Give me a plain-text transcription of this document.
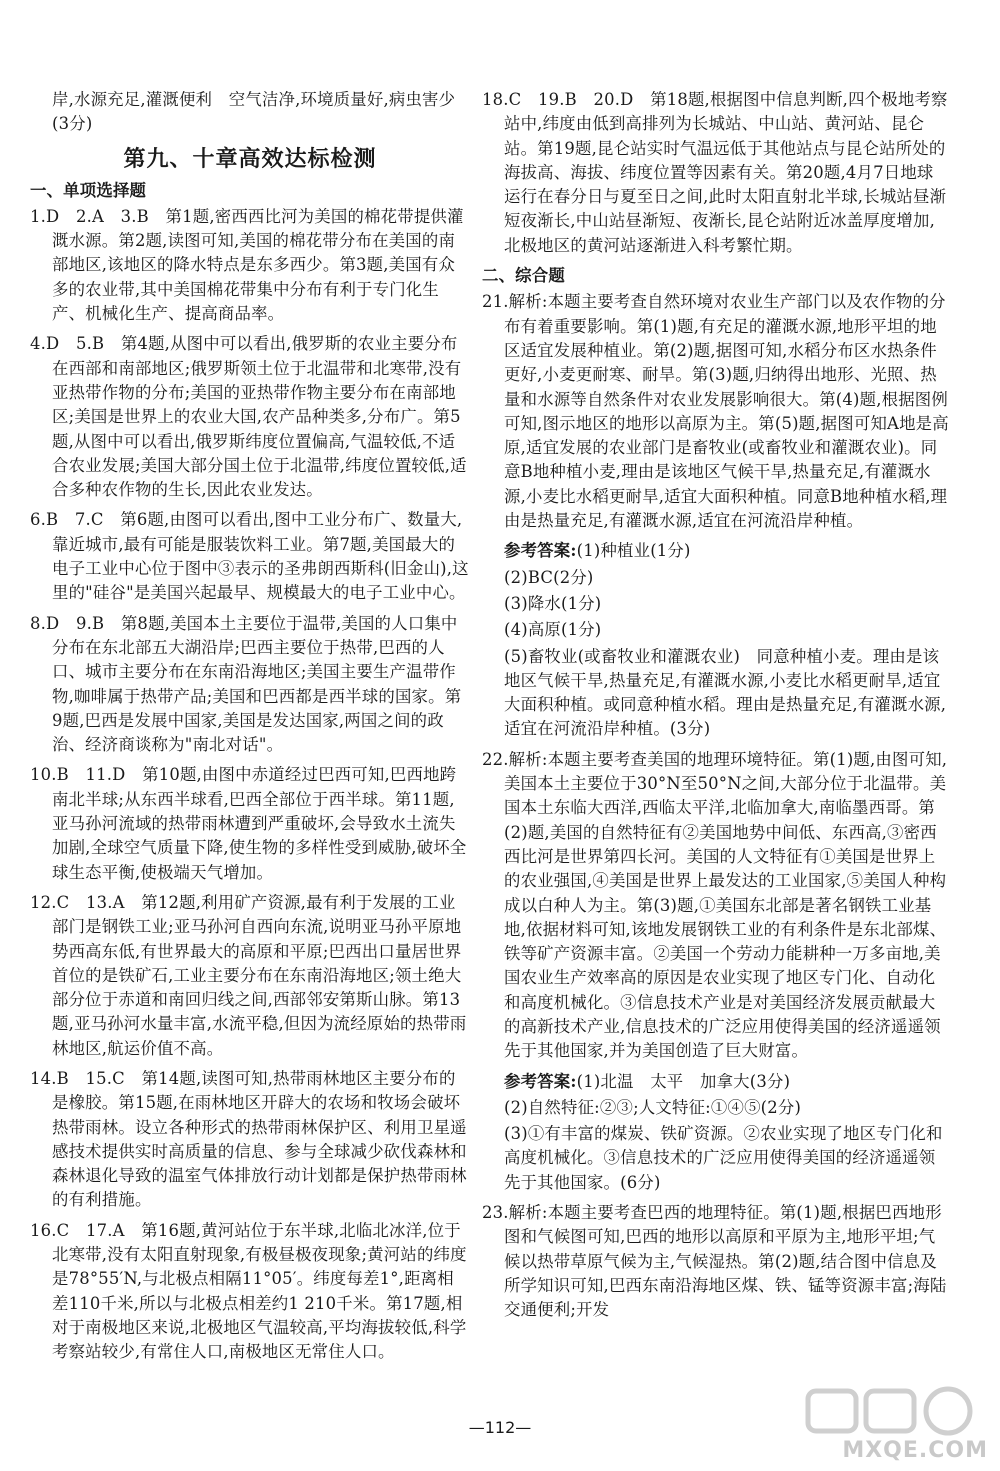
岸,水源充足,灌溉便利　空气洁净,环境质量好,病虫害少(3分)

第九、十章高效达标检测
一、单项选择题

1.D　2.A　3.B　第1题,密西西比河为美国的棉花带提供灌溉水源。第2题,读图可知,美国的棉花带分布在美国的南部地区,该地区的降水特点是东多西少。第3题,美国有众多的农业带,其中美国棉花带集中分布有利于专门化生产、机械化生产、提高商品率。

4.D　5.B　第4题,从图中可以看出,俄罗斯的农业主要分布在西部和南部地区;俄罗斯领土位于北温带和北寒带,没有亚热带作物的分布;美国的亚热带作物主要分布在南部地区;美国是世界上的农业大国,农产品种类多,分布广。第5题,从图中可以看出,俄罗斯纬度位置偏高,气温较低,不适合农业发展;美国大部分国土位于北温带,纬度位置较低,适合多种农作物的生长,因此农业发达。

6.B　7.C　第6题,由图可以看出,图中工业分布广、数量大,靠近城市,最有可能是服装饮料工业。第7题,美国最大的电子工业中心位于图中③表示的圣弗朗西斯科(旧金山),这里的"硅谷"是美国兴起最早、规模最大的电子工业中心。

8.D　9.B　第8题,美国本土主要位于温带,美国的人口集中分布在东北部五大湖沿岸;巴西主要位于热带,巴西的人口、城市主要分布在东南沿海地区;美国主要生产温带作物,咖啡属于热带产品;美国和巴西都是西半球的国家。第9题,巴西是发展中国家,美国是发达国家,两国之间的政治、经济商谈称为"南北对话"。

10.B　11.D　第10题,由图中赤道经过巴西可知,巴西地跨南北半球;从东西半球看,巴西全部位于西半球。第11题,亚马孙河流域的热带雨林遭到严重破坏,会导致水土流失加剧,全球空气质量下降,使生物的多样性受到威胁,破坏全球生态平衡,使极端天气增加。

12.C　13.A　第12题,利用矿产资源,最有利于发展的工业部门是钢铁工业;亚马孙河自西向东流,说明亚马孙平原地势西高东低,有世界最大的高原和平原;巴西出口量居世界首位的是铁矿石,工业主要分布在东南沿海地区;领土绝大部分位于赤道和南回归线之间,西部邻安第斯山脉。第13题,亚马孙河水量丰富,水流平稳,但因为流经原始的热带雨林地区,航运价值不高。

14.B　15.C　第14题,读图可知,热带雨林地区主要分布的是橡胶。第15题,在雨林地区开辟大的农场和牧场会破坏热带雨林。设立各种形式的热带雨林保护区、利用卫星遥感技术提供实时高质量的信息、参与全球减少砍伐森林和森林退化导致的温室气体排放行动计划都是保护热带雨林的有利措施。

16.C　17.A　第16题,黄河站位于东半球,北临北冰洋,位于北寒带,没有太阳直射现象,有极昼极夜现象;黄河站的纬度是78°55′N,与北极点相隔11°05′。纬度每差1°,距离相差110千米,所以与北极点相差约1 210千米。第17题,相对于南极地区来说,北极地区气温较高,平均海拔较低,科学考察站较少,有常住人口,南极地区无常住人口。

18.C　19.B　20.D　第18题,根据图中信息判断,四个极地考察站中,纬度由低到高排列为长城站、中山站、黄河站、昆仑站。第19题,昆仑站实时气温远低于其他站点与昆仑站所处的海拔高、海拔、纬度位置等因素有关。第20题,4月7日地球运行在春分日与夏至日之间,此时太阳直射北半球,长城站昼渐短夜渐长,中山站昼渐短、夜渐长,昆仑站附近冰盖厚度增加,北极地区的黄河站逐渐进入科考繁忙期。

二、综合题

21.解析:本题主要考查自然环境对农业生产部门以及农作物的分布有着重要影响。第(1)题,有充足的灌溉水源,地形平坦的地区适宜发展种植业。第(2)题,据图可知,水稻分布区水热条件更好,小麦更耐寒、耐旱。第(3)题,归纳得出地形、光照、热量和水源等自然条件对农业发展影响很大。第(4)题,根据图例可知,图示地区的地形以高原为主。第(5)题,据图可知A地是高原,适宜发展的农业部门是畜牧业(或畜牧业和灌溉农业)。同意B地种植小麦,理由是该地区气候干旱,热量充足,有灌溉水源,小麦比水稻更耐旱,适宜大面积种植。同意B地种植水稻,理由是热量充足,有灌溉水源,适宜在河流沿岸种植。

参考答案:(1)种植业(1分)

(2)BC(2分)

(3)降水(1分)

(4)高原(1分)

(5)畜牧业(或畜牧业和灌溉农业)　同意种植小麦。理由是该地区气候干旱,热量充足,有灌溉水源,小麦比水稻更耐旱,适宜大面积种植。或同意种植水稻。理由是热量充足,有灌溉水源,适宜在河流沿岸种植。(3分)

22.解析:本题主要考查美国的地理环境特征。第(1)题,由图可知,美国本土主要位于30°N至50°N之间,大部分位于北温带。美国本土东临大西洋,西临太平洋,北临加拿大,南临墨西哥。第(2)题,美国的自然特征有②美国地势中间低、东西高,③密西西比河是世界第四长河。美国的人文特征有①美国是世界上的农业强国,④美国是世界上最发达的工业国家,⑤美国人种构成以白种人为主。第(3)题,①美国东北部是著名钢铁工业基地,依据材料可知,该地发展钢铁工业的有利条件是东北部煤、铁等矿产资源丰富。②美国一个劳动力能耕种一万多亩地,美国农业生产效率高的原因是农业实现了地区专门化、自动化和高度机械化。③信息技术产业是对美国经济发展贡献最大的高新技术产业,信息技术的广泛应用使得美国的经济遥遥领先于其他国家,并为美国创造了巨大财富。

参考答案:(1)北温　太平　加拿大(3分)

(2)自然特征:②③;人文特征:①④⑤(2分)

(3)①有丰富的煤炭、铁矿资源。②农业实现了地区专门化和高度机械化。③信息技术的广泛应用使得美国的经济遥遥领先于其他国家。(6分)

23.解析:本题主要考查巴西的地理特征。第(1)题,根据巴西地形图和气候图可知,巴西的地形以高原和平原为主,地形平坦;气候以热带草原气候为主,气候湿热。第(2)题,结合图中信息及所学知识可知,巴西东南沿海地区煤、铁、锰等资源丰富;海陆交通便利;开发

—112—
MXQE.COM
